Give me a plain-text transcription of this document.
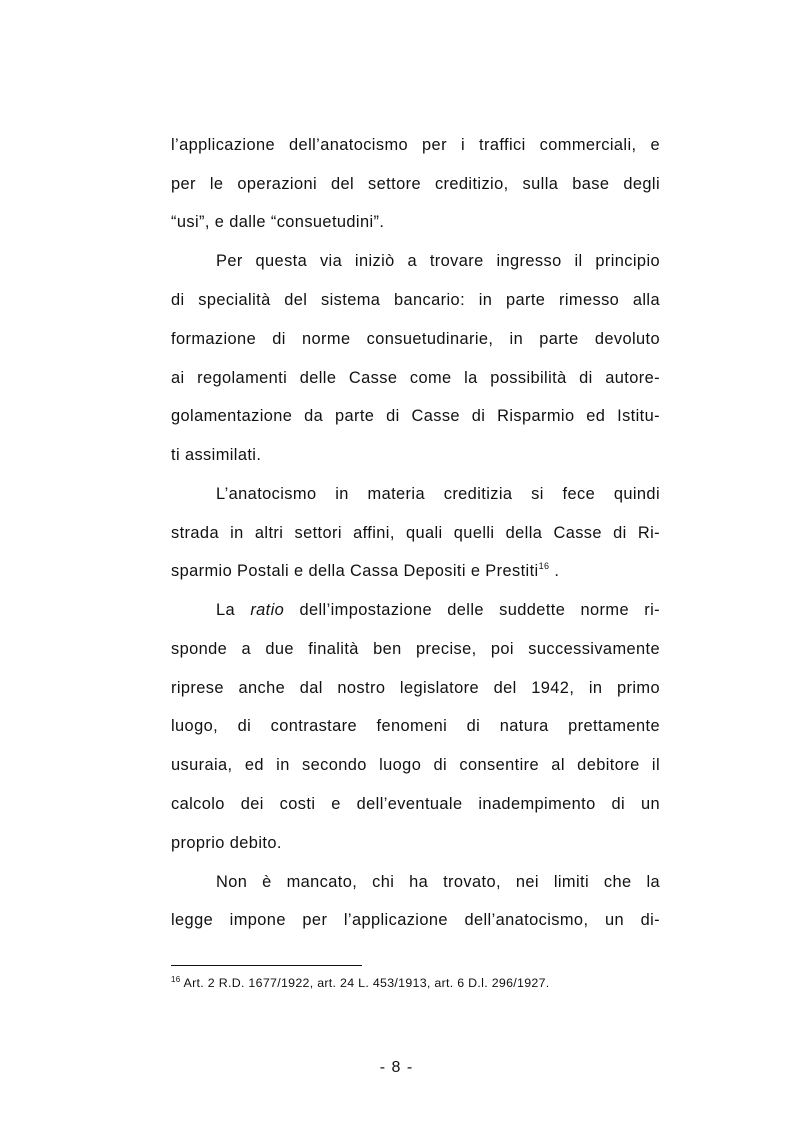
l’applicazione dell’anatocismo per i traffici commerciali, e
per le operazioni del settore creditizio, sulla base degli
“usi”, e dalle “consuetudini”.
Per questa via iniziò a trovare ingresso il principio
di specialità del sistema bancario: in parte rimesso alla
formazione di norme consuetudinarie, in parte devoluto
ai regolamenti delle Casse come la possibilità di autore-
golamentazione da parte di Casse di Risparmio ed Istitu-
ti assimilati.
L’anatocismo in materia creditizia si fece quindi
strada in altri settori affini, quali quelli della Casse di Ri-
sparmio Postali e della Cassa Depositi e Prestiti$^{16}$ .
La ratio dell’impostazione delle suddette norme ri-
sponde a due finalità ben precise, poi successivamente
riprese anche dal nostro legislatore del 1942, in primo
luogo, di contrastare fenomeni di natura prettamente
usuraia, ed in secondo luogo di consentire al debitore il
calcolo dei costi e dell’eventuale inadempimento di un
proprio debito.
Non è mancato, chi ha trovato, nei limiti che la
legge impone per l’applicazione dell’anatocismo, un di-
$^{16}$ Art. 2 R.D. 1677/1922, art. 24 L. 453/1913, art. 6 D.l. 296/1927.
- 8 -
